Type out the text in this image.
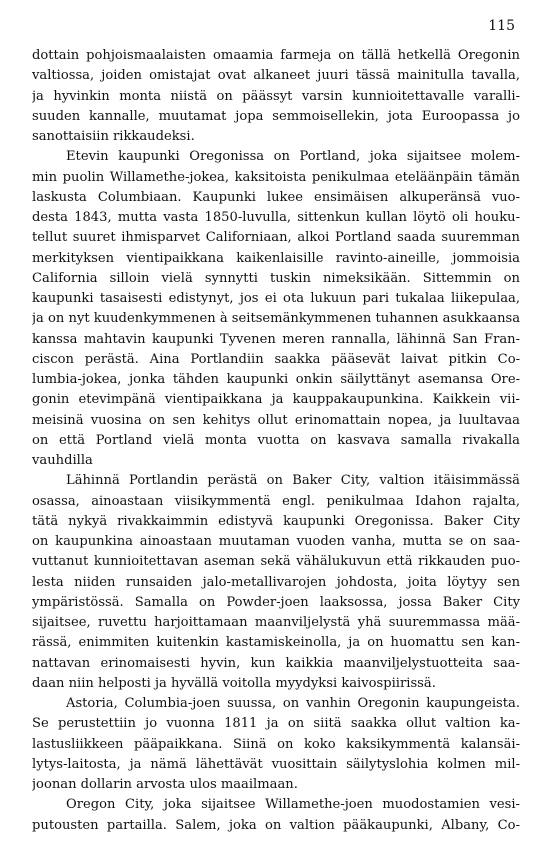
115
dottain pohjoismaalaisten omaamia farmeja on tällä hetkellä Oregonin
valtiossa, joiden omistajat ovat alkaneet juuri tässä mainitulla tavalla,
ja hyvinkin monta niistä on päässyt varsin kunnioitettavalle varalli-
suuden kannalle, muutamat jopa semmoisellekin, jota Euroopassa jo
sanottaisiin rikkaudeksi.
Etevin kaupunki Oregonissa on Portland, joka sijaitsee molem-
min puolin Willamethe-jokea, kaksitoista penikulmaa eteläänpäin tämän
laskusta Columbiaan. Kaupunki lukee ensimäisen alkuperänsä vuo-
desta 1843, mutta vasta 1850-luvulla, sittenkun kullan löytö oli houku-
tellut suuret ihmisparvet Californiaan, alkoi Portland saada suuremman
merkityksen vientipaikkana kaikenlaisille ravinto-aineille, jommoisia
California silloin vielä synnytti tuskin nimeksikään. Sittemmin on
kaupunki tasaisesti edistynyt, jos ei ota lukuun pari tukalaa liikepulaa,
ja on nyt kuudenkymmenen à seitsemänkymmenen tuhannen asukkaansa
kanssa mahtavin kaupunki Tyvenen meren rannalla, lähinnä San Fran-
ciscon perästä. Aina Portlandiin saakka pääsevät laivat pitkin Co-
lumbia-jokea, jonka tähden kaupunki onkin säilyttänyt asemansa Ore-
gonin etevimpänä vientipaikkana ja kauppakaupunkina. Kaikkein vii-
meisinä vuosina on sen kehitys ollut erinomattain nopea, ja luultavaa
on että Portland vielä monta vuotta on kasvava samalla rivakalla
vauhdilla
Lähinnä Portlandin perästä on Baker City, valtion itäisimmässä
osassa, ainoastaan viisikymmentä engl. penikulmaa Idahon rajalta,
tätä nykyä rivakkaimmin edistyvä kaupunki Oregonissa. Baker City
on kaupunkina ainoastaan muutaman vuoden vanha, mutta se on saa-
vuttanut kunnioitettavan aseman sekä vähälukuvun että rikkauden puo-
lesta niiden runsaiden jalo-metallivarojen johdosta, joita löytyy sen
ympäristössä. Samalla on Powder-joen laaksossa, jossa Baker City
sijaitsee, ruvettu harjoittamaan maanviljelystä yhä suuremmassa mää-
rässä, enimmiten kuitenkin kastamiskeinolla, ja on huomattu sen kan-
nattavan erinomaisesti hyvin, kun kaikkia maanviljelystuotteita saa-
daan niin helposti ja hyvällä voitolla myydyksi kaivospiirissä.
Astoria, Columbia-joen suussa, on vanhin Oregonin kaupungeista.
Se perustettiin jo vuonna 1811 ja on siitä saakka ollut valtion ka-
lastusliikkeen pääpaikkana. Siinä on koko kaksikymmentä kalansäi-
lytys-laitosta, ja nämä lähettävät vuosittain säilytyslohia kolmen mil-
joonan dollarin arvosta ulos maailmaan.
Oregon City, joka sijaitsee Willamethe-joen muodostamien vesi-
putousten partailla. Salem, joka on valtion pääkaupunki, Albany, Co-
